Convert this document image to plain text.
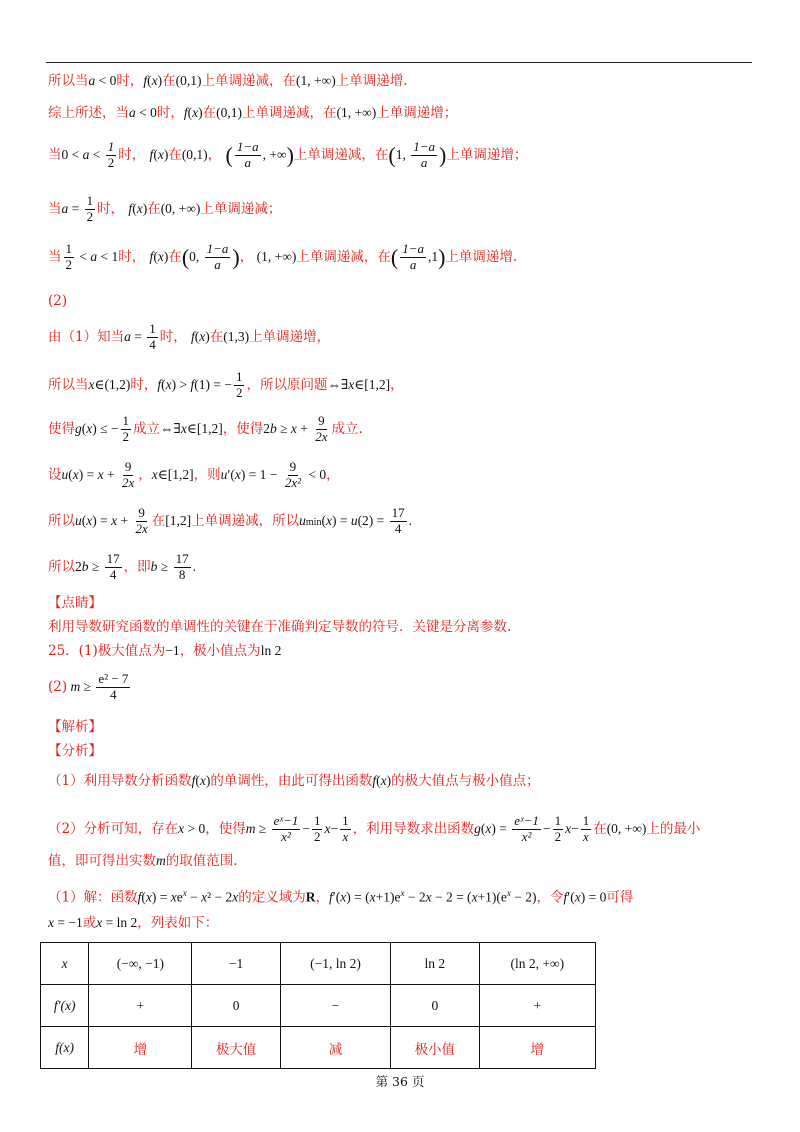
所以当a < 0时，f(x)在(0,1)上单调递减，在(1, +∞)上单调递增.
综上所述，当a < 0时，f(x)在(0,1)上单调递减，在(1, +∞)上单调递增；
当$0 < a < \frac{1}{2}$ 时， f(x)在(0,1)， ( $\frac{1-a}{a}$ , +∞)上单调递减，在(1, $\frac{1-a}{a}$ )上单调递增；
当$a = \frac{1}{2}$ 时， f(x)在(0, +∞)上单调递减；
当 $\frac{1}{2} < a < 1$时， f(x)在(0, $\frac{1-a}{a}$ )， (1, +∞)上单调递减，在( $\frac{1-a}{a} ,1$)上单调递增.
(2)
由（1）知当$a = \frac{1}{4}$ 时， f(x)在(1,3)上单调递增，
所以当x∈(1,2)时，f(x) > f(1) = − $\frac{1}{2}$ ，所以原问题⇔∃x∈[1,2]，
使得g(x) ≤ − $\frac{1}{2}$ 成立⇔∃x∈[1,2]，使得$2b \ge x + \frac{9}{2x}$ 成立.
设$u(x) = x + \frac{9}{2x}$ ，x∈[1,2]，则$u'(x) = 1 - \frac{9}{\text{2x²}} < 0$，
所以$u(x) = x + \frac{9}{2x}$ 在[1,2]上单调递减，所以$umin(x) = u(2) = \frac{17}{4}$ .
所以$2b \ge \frac{17}{4}$ ，即$b \ge \frac{17}{8}$ .
【点睛】
利用导数研究函数的单调性的关键在于准确判定导数的符号．关键是分离参数.
25．(1)极大值点为−1，极小值点为ln 2
(2) $m \ge \frac{\text{e² − 7}}{4}$
【解析】
【分析】
（1）利用导数分析函数f(x)的单调性，由此可得出函数f(x)的极大值点与极小值点；
（2）分析可知，存在x > 0，使得$m \ge \frac{\text{eˣ−1}}{\text{x²}} - \frac{1}{2} x- \frac{1}{x}$ ，利用导数求出函数$g(x) = \frac{\text{eˣ−1}}{\text{x²}} - \frac{1}{2} x- \frac{1}{x}$ 在(0, +∞)上的最小
值，即可得出实数m的取值范围.
（1）解：函数$f(x) = xe^x - x^2 - 2x$的定义域为R，$f'(x) = (x+1)e^x - 2x - 2 = (x+1)(e^x - 2)$，令f′(x) = 0可得
x = −1或x = ln 2，列表如下：
x	(−∞, −1)	−1	(−1, ln 2)	ln 2	(ln 2, +∞)
f′(x)	+	0	−	0	+
f(x)	增	极大值	减	极小值	增
第 36 页
